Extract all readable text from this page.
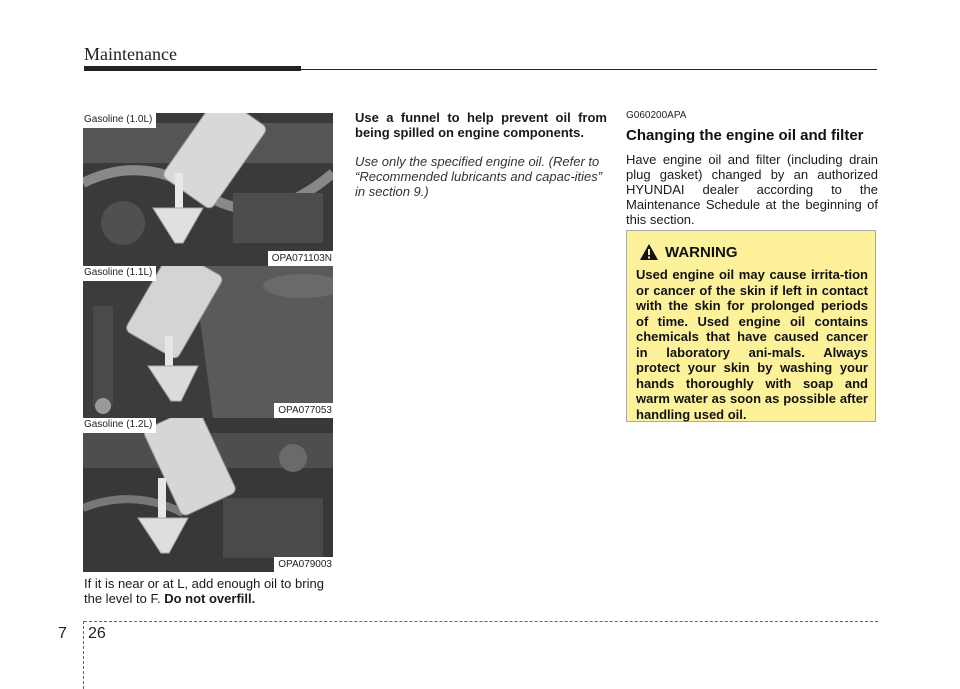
Maintenance
Gasoline (1.0L)
OPA071103N
Gasoline (1.1L)
OPA077053
Gasoline (1.2L)
OPA079003
If it is near or at L, add enough oil to bring the level to F. Do not overfill.

Use a funnel to help prevent oil from being spilled on engine components.

Use only the specified engine oil. (Refer to “Recommended lubricants and capac-ities” in section 9.)

G060200APA

Changing the engine oil and filter

Have engine oil and filter (including drain plug gasket) changed by an authorized HYUNDAI dealer according to the Maintenance Schedule at the beginning of this section.

WARNING
Used engine oil may cause irrita-tion or cancer of the skin if left in contact with the skin for prolonged periods of time. Used engine oil contains chemicals that have caused cancer in laboratory ani-mals. Always protect your skin by washing your hands thoroughly with soap and warm water as soon as possible after handling used oil.
7 26
